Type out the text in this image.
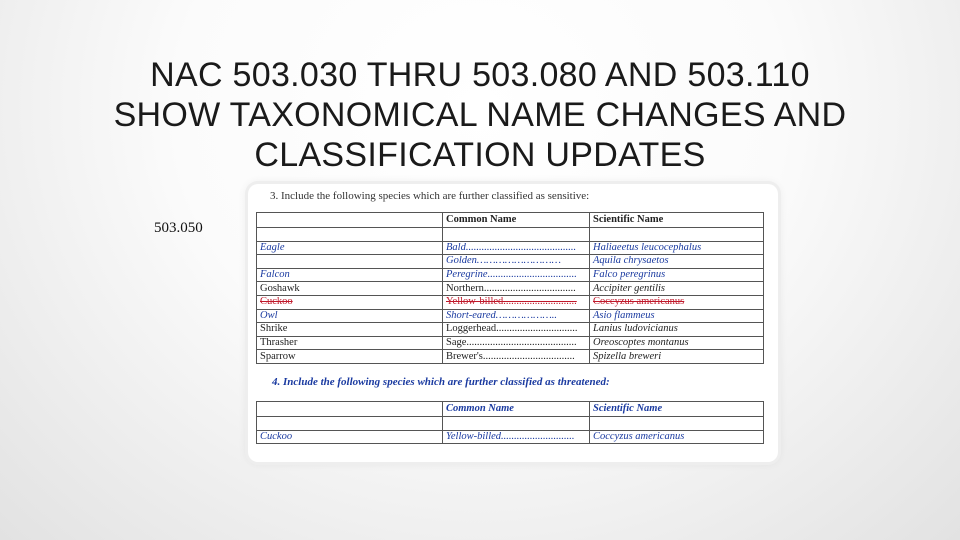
NAC 503.030 THRU 503.080 AND 503.110
SHOW TAXONOMICAL NAME CHANGES AND
CLASSIFICATION UPDATES
503.050
3. Include the following species which are further classified as sensitive:
	Common Name	Scientific Name

Eagle	Bald..........................................	Haliaeetus leucocephalus
	Golden………………………	Aquila chrysaetos
Falcon	Peregrine..................................	Falco peregrinus
Goshawk	Northern...................................	Accipiter gentilis
Cuckoo	Yellow-billed............................	Coccyzus americanus
Owl	Short-eared………………..	Asio flammeus
Shrike	Loggerhead...............................	Lanius ludovicianus
Thrasher	Sage..........................................	Oreoscoptes montanus
Sparrow	Brewer's...................................	Spizella breweri
4. Include the following species which are further classified as threatened:
	Common Name	Scientific Name

Cuckoo	Yellow-billed............................	Coccyzus americanus
